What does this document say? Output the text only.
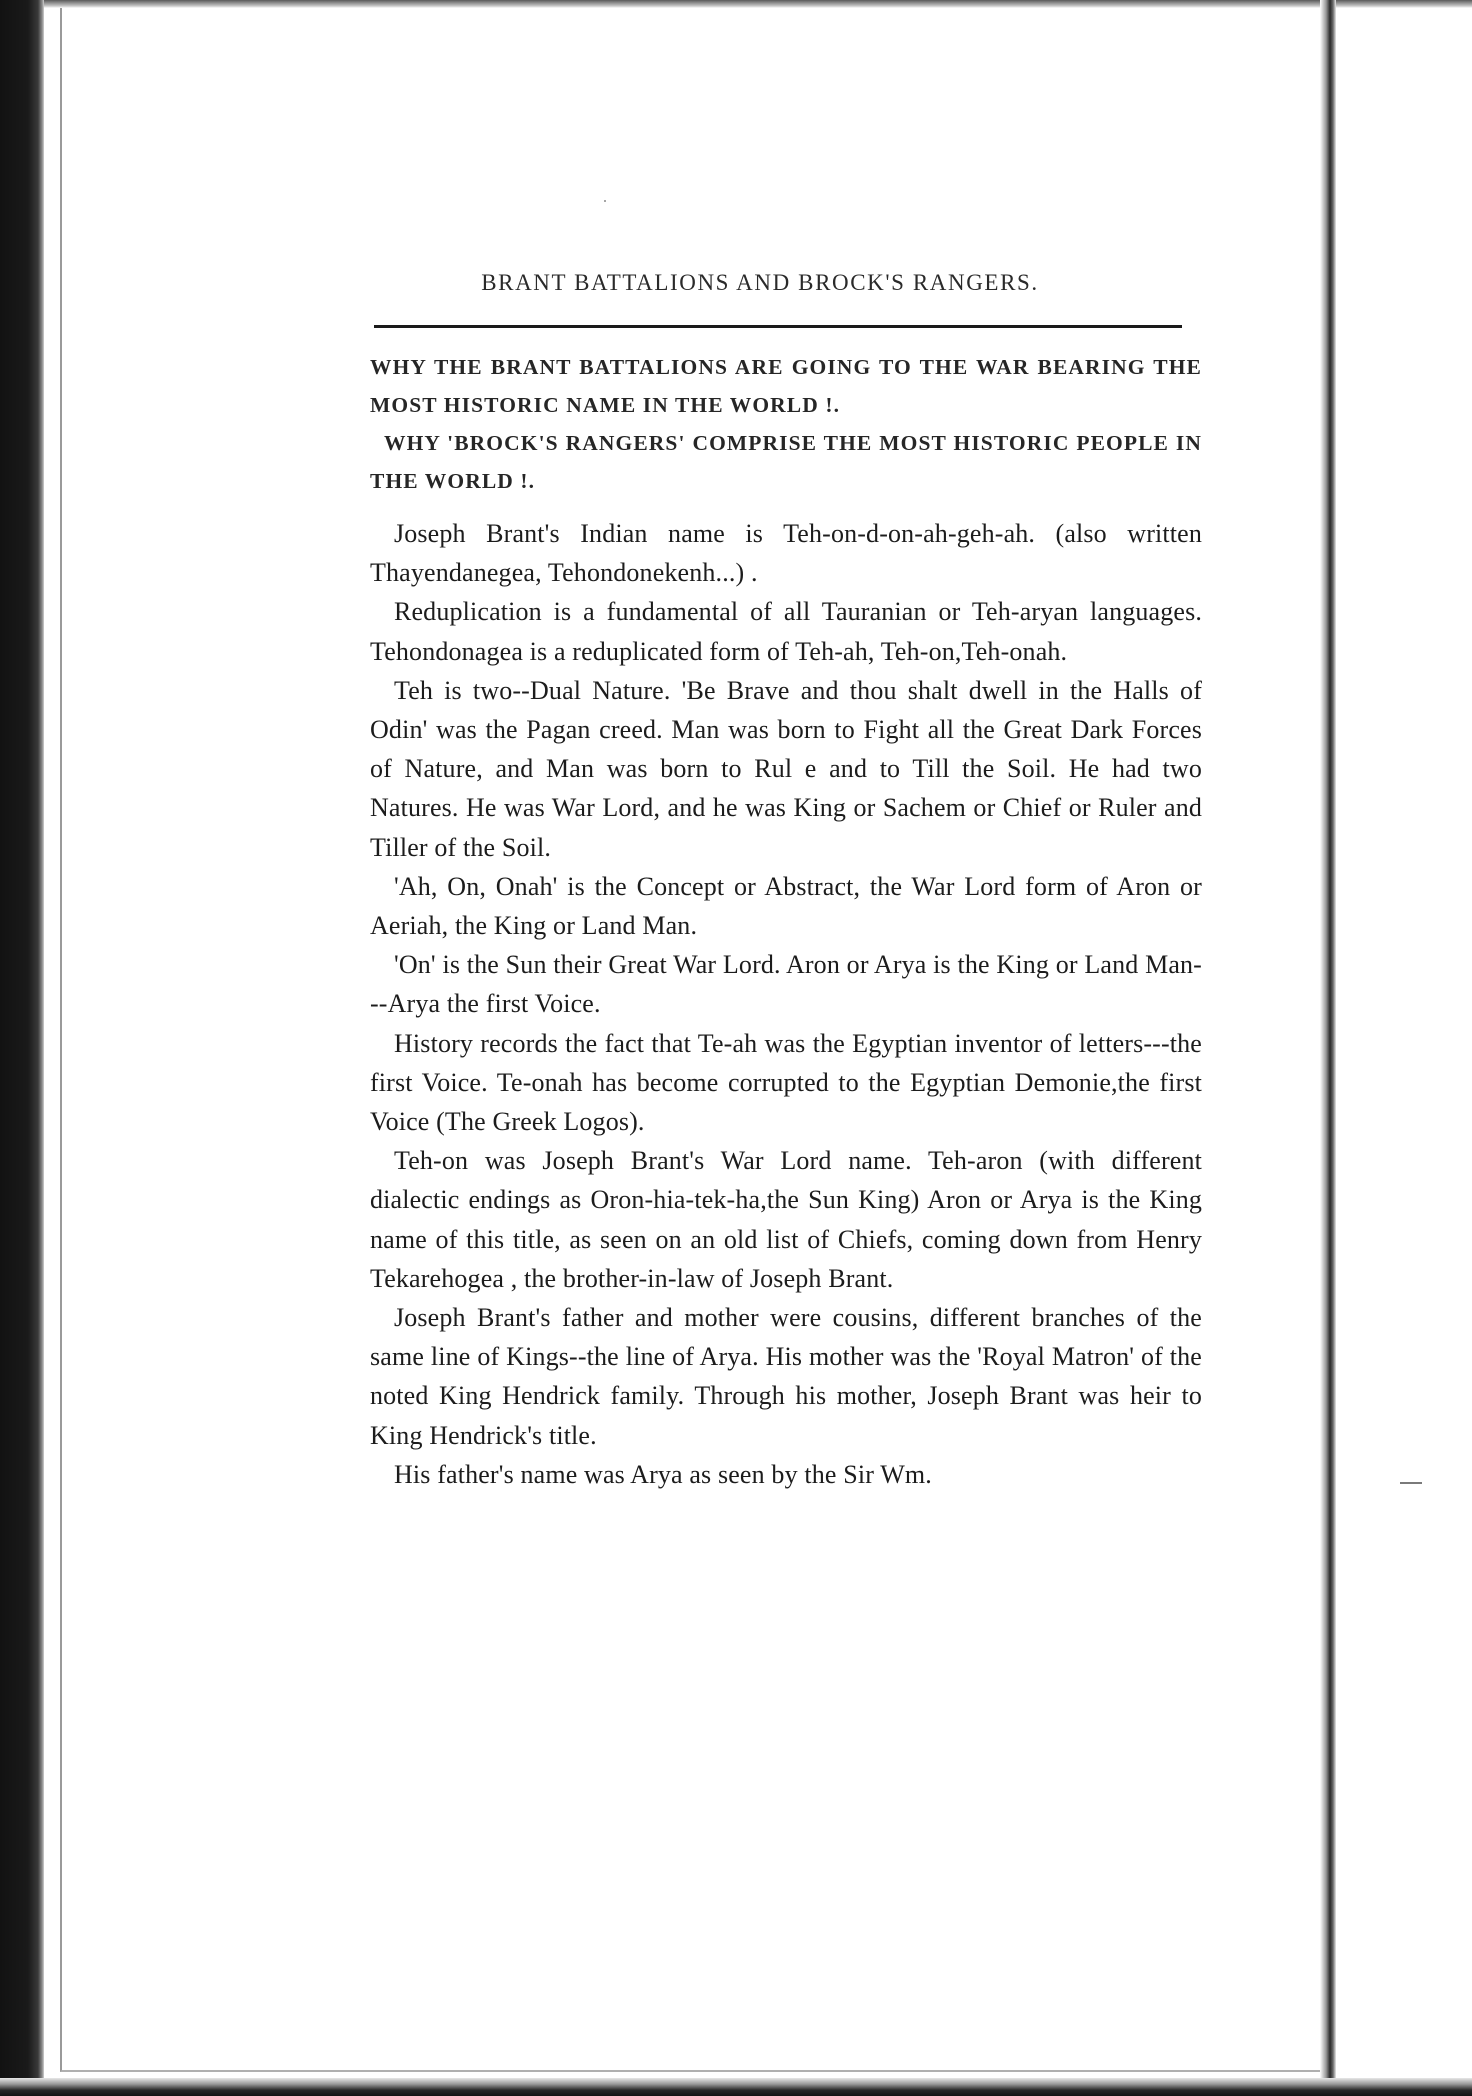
BRANT BATTALIONS AND BROCK'S RANGERS.

WHY THE BRANT BATTALIONS ARE GOING TO THE WAR BEARING THE MOST HISTORIC NAME IN THE WORLD !.

WHY 'BROCK'S RANGERS' COMPRISE THE MOST HISTORIC PEOPLE IN THE WORLD !.

Joseph Brant's Indian name is Teh-on-d-on-ah-geh-ah. (also written Thayendanegea, Tehondonekenh...) .

Reduplication is a fundamental of all Tauranian or Teh-aryan languages. Tehondonagea is a reduplicated form of Teh-ah, Teh-on,Teh-onah.

Teh is two--Dual Nature. 'Be Brave and thou shalt dwell in the Halls of Odin' was the Pagan creed. Man was born to Fight all the Great Dark Forces of Nature, and Man was born to Rul e and to Till the Soil. He had two Natures. He was War Lord, and he was King or Sachem or Chief or Ruler and Tiller of the Soil.

'Ah, On, Onah' is the Concept or Abstract, the War Lord form of Aron or Aeriah, the King or Land Man.

'On' is the Sun their Great War Lord. Aron or Arya is the King or Land Man---Arya the first Voice.

History records the fact that Te-ah was the Egyptian inventor of letters---the first Voice. Te-onah has become corrupted to the Egyptian Demonie,the first Voice (The Greek Logos).

Teh-on was Joseph Brant's War Lord name. Teh-aron (with different dialectic endings as Oron-hia-tek-ha,the Sun King) Aron or Arya is the King name of this title, as seen on an old list of Chiefs, coming down from Henry Tekarehogea , the brother-in-law of Joseph Brant.

Joseph Brant's father and mother were cousins, different branches of the same line of Kings--the line of Arya. His mother was the 'Royal Matron' of the noted King Hendrick family. Through his mother, Joseph Brant was heir to King Hendrick's title.

His father's name was Arya as seen by the Sir Wm.
